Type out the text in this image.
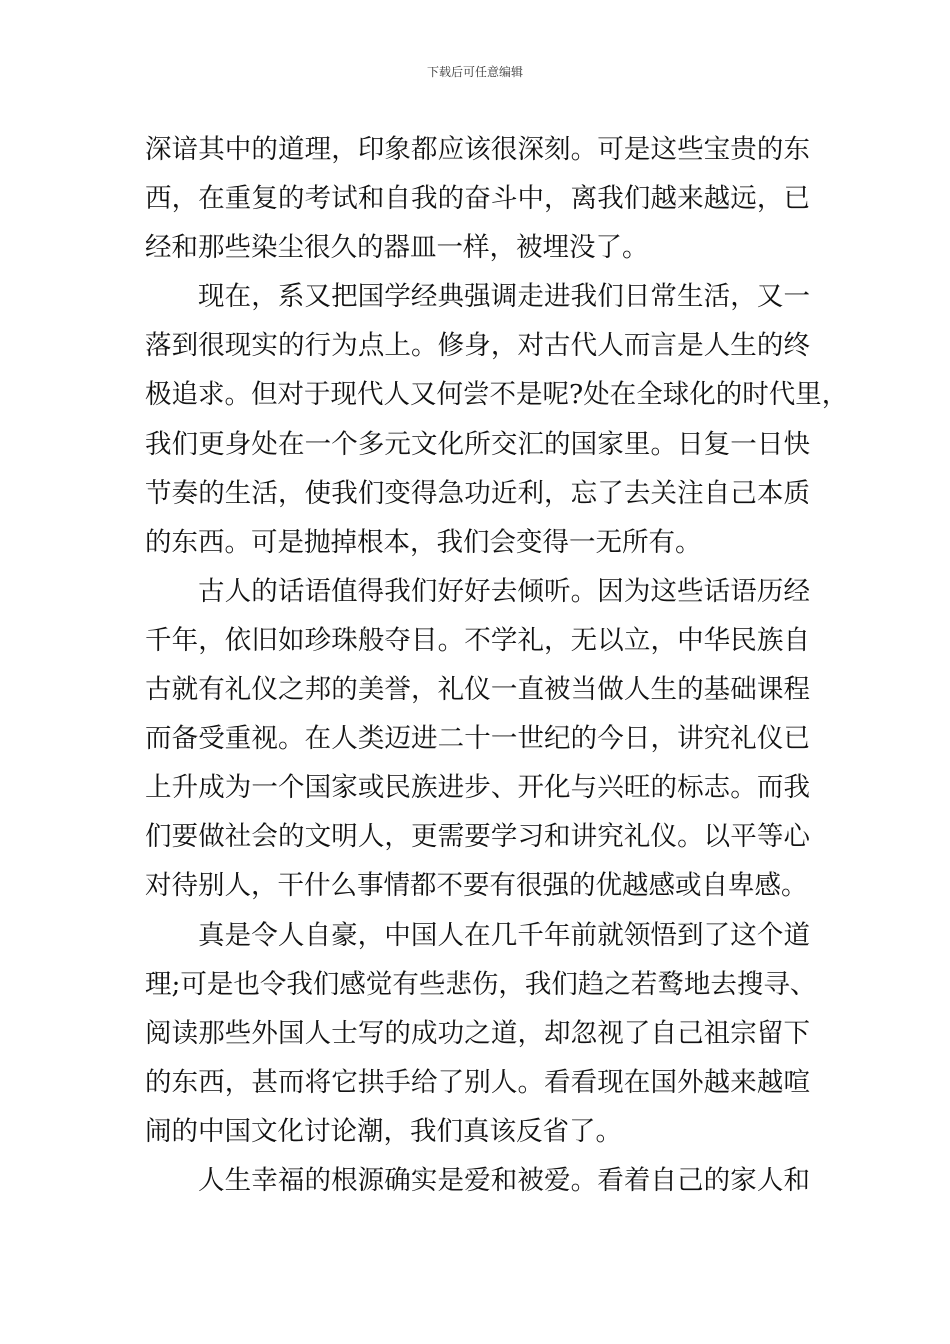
下载后可任意编辑
深谙其中的道理，印象都应该很深刻。可是这些宝贵的东
西，在重复的考试和自我的奋斗中，离我们越来越远，已
经和那些染尘很久的器皿一样，被埋没了。
现在，系又把国学经典强调走进我们日常生活，又一
落到很现实的行为点上。修身，对古代人而言是人生的终
极追求。但对于现代人又何尝不是呢?处在全球化的时代里，
我们更身处在一个多元文化所交汇的国家里。日复一日快
节奏的生活，使我们变得急功近利，忘了去关注自己本质
的东西。可是抛掉根本，我们会变得一无所有。
古人的话语值得我们好好去倾听。因为这些话语历经
千年，依旧如珍珠般夺目。不学礼，无以立，中华民族自
古就有礼仪之邦的美誉，礼仪一直被当做人生的基础课程
而备受重视。在人类迈进二十一世纪的今日，讲究礼仪已
上升成为一个国家或民族进步、开化与兴旺的标志。而我
们要做社会的文明人，更需要学习和讲究礼仪。以平等心
对待别人，干什么事情都不要有很强的优越感或自卑感。
真是令人自豪，中国人在几千年前就领悟到了这个道
理;可是也令我们感觉有些悲伤，我们趋之若鹜地去搜寻、
阅读那些外国人士写的成功之道，却忽视了自己祖宗留下
的东西，甚而将它拱手给了别人。看看现在国外越来越喧
闹的中国文化讨论潮，我们真该反省了。
人生幸福的根源确实是爱和被爱。看着自己的家人和
